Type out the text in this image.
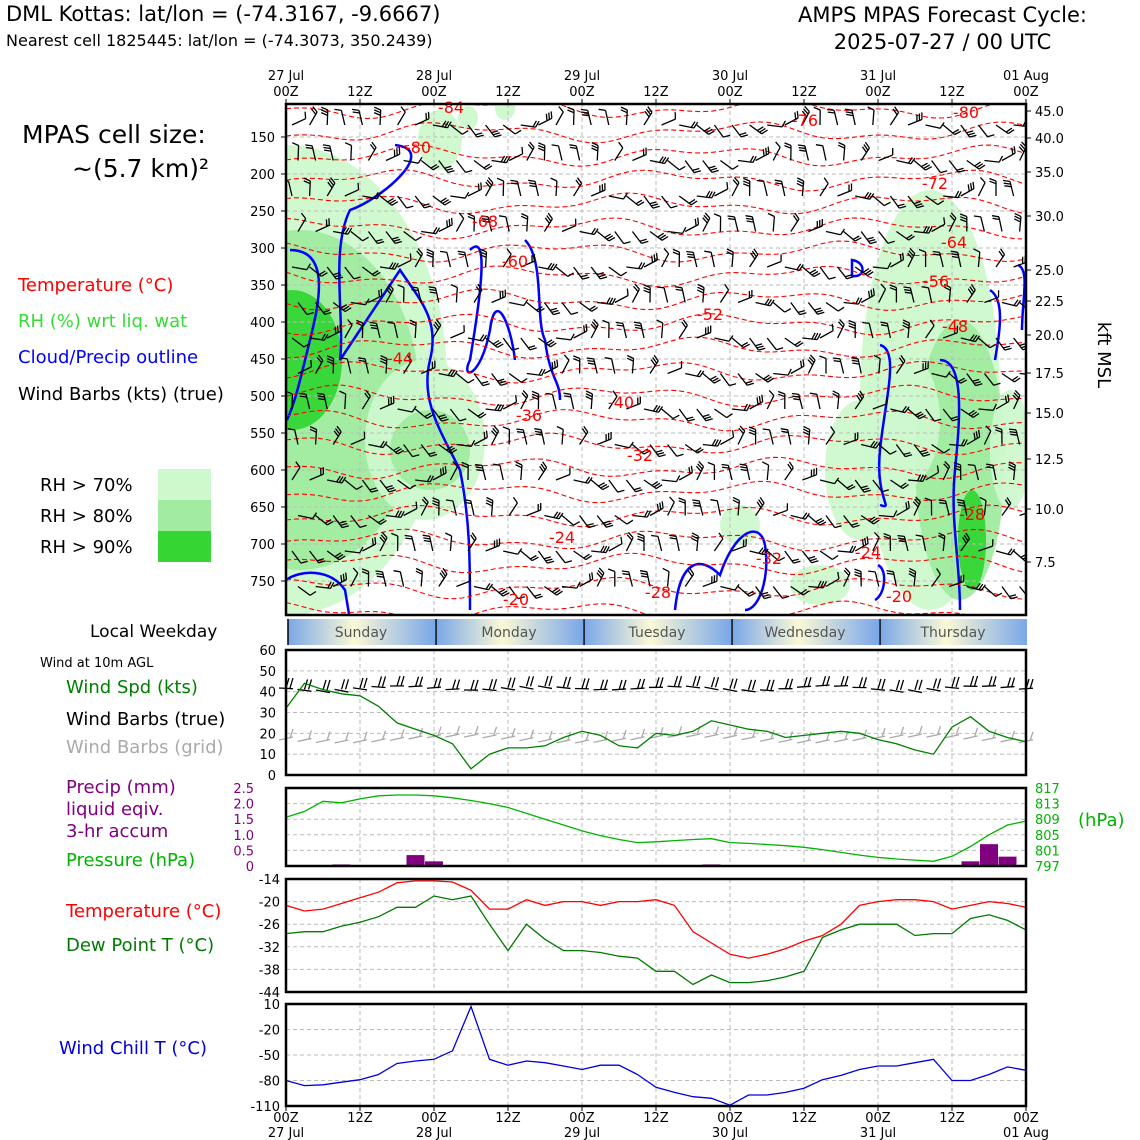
DML Kottas: lat/lon = (-74.3167, -9.6667)
Nearest cell 1825445: lat/lon = (-74.3073, 350.2439)
AMPS MPAS Forecast Cycle:
2025-07-27 / 00 UTC
MPAS cell size:
~(5.7 km)²
Temperature (°C)
RH (%) wrt liq. wat
Cloud/Precip outline
Wind Barbs (kts) (true)
RH > 70%
RH > 80%
RH > 90%
Local Weekday
Wind at 10m AGL
Wind Spd (kts)
Wind Barbs (true)
Wind Barbs (grid)
Precip (mm)
liquid eqiv.
3-hr accum
Pressure (hPa)
(hPa)
Temperature (°C)
Dew Point T (°C)
Wind Chill T (°C)
-84
-80
-76	-80
-72
-68
-64
-60
-56
-52
-48
-44
-40
-36
-32
-28
-24
-24
-20	-20
-32
-28
150
200
250
300
350
400
450
500
550
600
650
700
750
45.0
40.0
35.0
30.0
25.0
22.5
20.0
17.5
15.0
12.5
10.0
7.5
kft MSL
Sunday	Monday	Tuesday	Wednesday	Thursday
0
10
20
30
40
50
60
0
0.5
1.0
1.5
2.0
2.5
797
801
805
809
813
817
-14
-20
-26
-32
-38
-44
10
-20
-50
-80
-110
27 Jul
00Z	12Z
28 Jul
00Z	12Z
29 Jul
00Z	12Z
30 Jul
00Z	12Z
31 Jul
00Z	12Z
01 Aug
00Z
00Z
27 Jul
12Z	00Z
28 Jul
12Z	00Z
29 Jul
12Z	00Z
30 Jul
12Z	00Z
31 Jul
12Z	00Z
01 Aug
